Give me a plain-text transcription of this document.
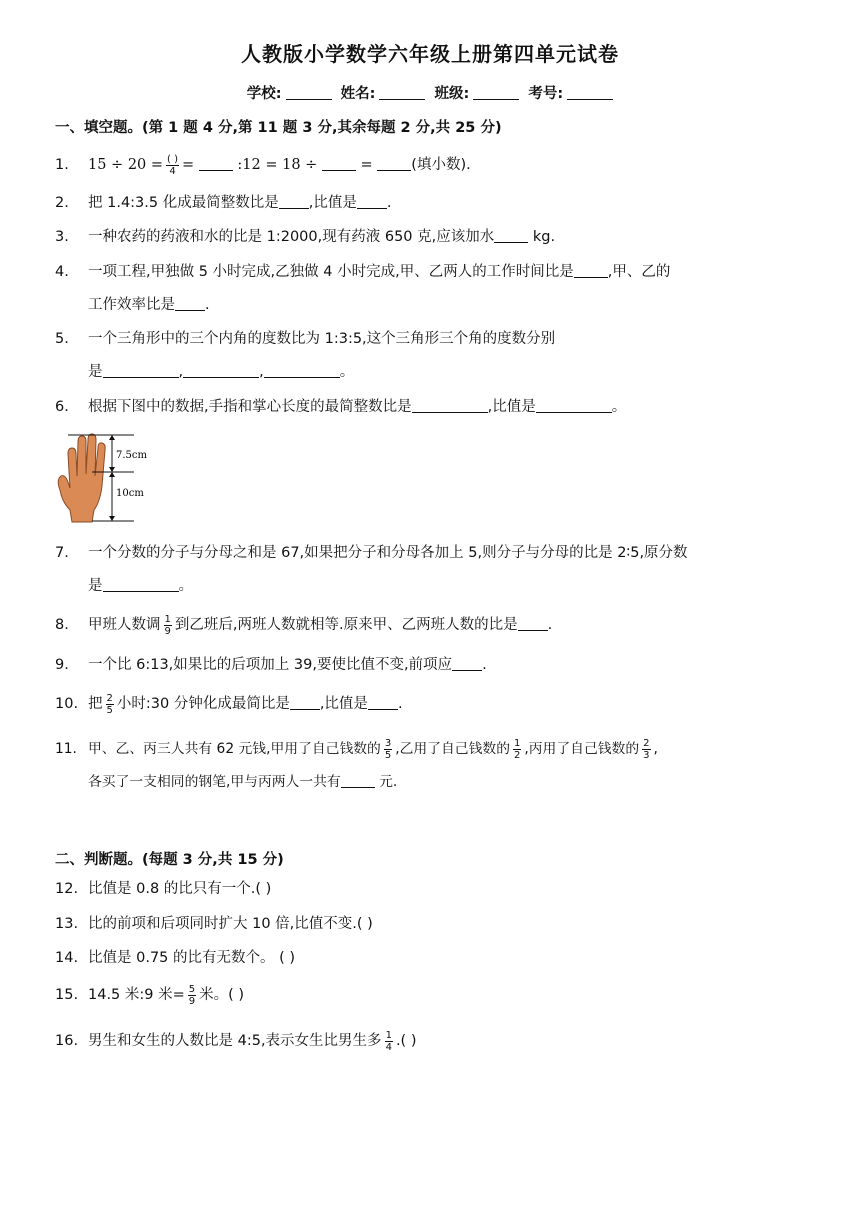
人教版小学数学六年级上册第四单元试卷
学校:	姓名:	班级:	考号:
一、填空题。(第 1 题 4 分,第 11 题 3 分,其余每题 2 分,共 25 分)
1. $15 \div 20 = \frac{( )}{4}$ =	:12 = 18 ÷	=	(填小数).
2. 把 1.4:3.5 化成最简整数比是 ,比值是 .
3. 一种农药的药液和水的比是 1:2000,现有药液 650 克,应该加水	kg.
4. 一项工程,甲独做 5 小时完成,乙独做 4 小时完成,甲、乙两人的工作时间比是 ,甲、乙的
工作效率比是 .
5. 一个三角形中的三个内角的度数比为 1:3:5,这个三角形三个角的度数分别
是	,	,	。
6. 根据下图中的数据,手指和掌心长度的最简整数比是	,比值是	。
7.5cm
10cm
7. 一个分数的分子与分母之和是 67,如果把分子和分母各加上 5,则分子与分母的比是 2∶5,原分数
是	。
8. 甲班人数调 $\frac{1}{9}$ 到乙班后,两班人数就相等.原来甲、乙两班人数的比是 .
9. 一个比 6:13,如果比的后项加上 39,要使比值不变,前项应 .
10. 把 $\frac{2}{5}$ 小时:30 分钟化成最简比是 ,比值是 .
11. 甲、乙、丙三人共有 62 元钱,甲用了自己钱数的 $\frac{3}{5}$ ,乙用了自己钱数的 $\frac{1}{2}$ ,丙用了自己钱数的 $\frac{2}{3}$ ,
各买了一支相同的钢笔,甲与丙两人一共有	元.
二、判断题。(每题 3 分,共 15 分)
12. 比值是 0.8 的比只有一个.( )
13. 比的前项和后项同时扩大 10 倍,比值不变.( )
14. 比值是 0.75 的比有无数个。 ( )
15. 14.5 米:9 米= $\frac{5}{9}$ 米。( )
16. 男生和女生的人数比是 4:5,表示女生比男生多 $\frac{1}{4}$ .( )
